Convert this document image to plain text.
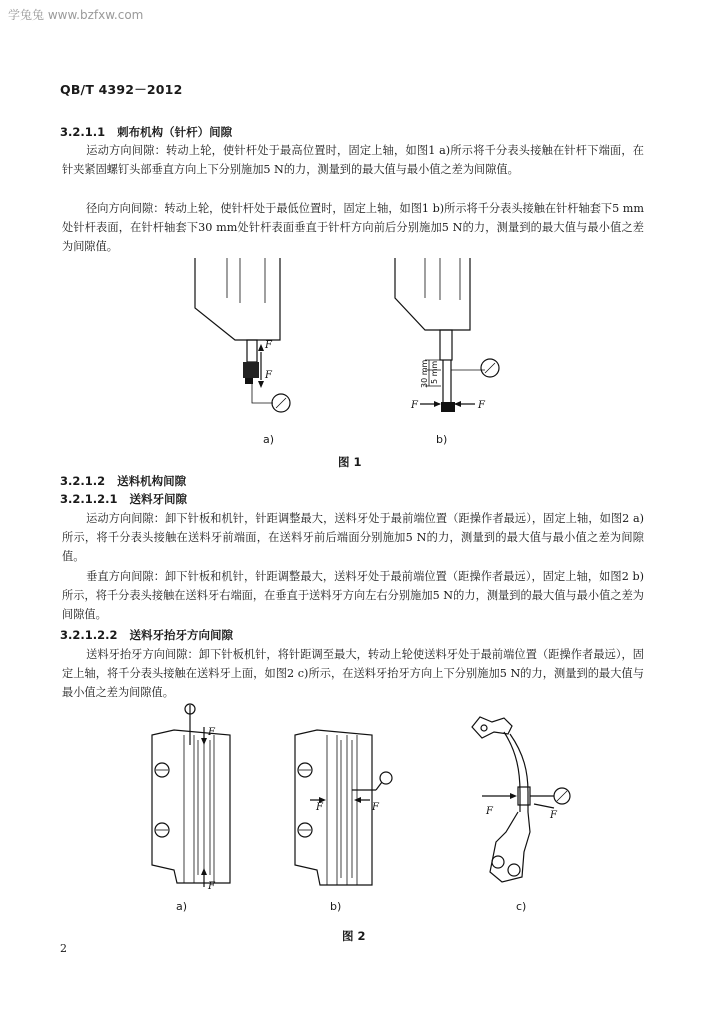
学兔兔 www.bzfxw.com
QB/T 4392－2012
3.2.1.1 刺布机构（针杆）间隙
运动方向间隙：转动上轮，使针杆处于最高位置时，固定上轴，如图1 a)所示将千分表头接触在针杆下端面，在针夹紧固螺钉头部垂直方向上下分别施加5 N的力，测量到的最大值与最小值之差为间隙值。
径向方向间隙：转动上轮，使针杆处于最低位置时，固定上轴，如图1 b)所示将千分表头接触在针杆轴套下5 mm处针杆表面，在针杆轴套下30 mm处针杆表面垂直于针杆方向前后分别施加5 N的力，测量到的最大值与最小值之差为间隙值。
F
F	30 mm 5 mm
F	F
a)	b)
图 1
3.2.1.2 送料机构间隙
3.2.1.2.1 送料牙间隙
运动方向间隙：卸下针板和机针，针距调整最大，送料牙处于最前端位置（距操作者最远），固定上轴，如图2 a)所示，将千分表头接触在送料牙前端面，在送料牙前后端面分别施加5 N的力，测量到的最大值与最小值之差为间隙值。
垂直方向间隙：卸下针板和机针，针距调整最大，送料牙处于最前端位置（距操作者最远），固定上轴，如图2 b)所示，将千分表头接触在送料牙右端面，在垂直于送料牙方向左右分别施加5 N的力，测量到的最大值与最小值之差为间隙值。
3.2.1.2.2 送料牙抬牙方向间隙
送料牙抬牙方向间隙：卸下针板机针，将针距调至最大，转动上轮使送料牙处于最前端位置（距操作者最远），固定上轴，将千分表头接触在送料牙上面，如图2 c)所示，在送料牙抬牙方向上下分别施加5 N的力，测量到的最大值与最小值之差为间隙值。
F
F
F	F	F	F
a)	b)	c)
图 2
2
